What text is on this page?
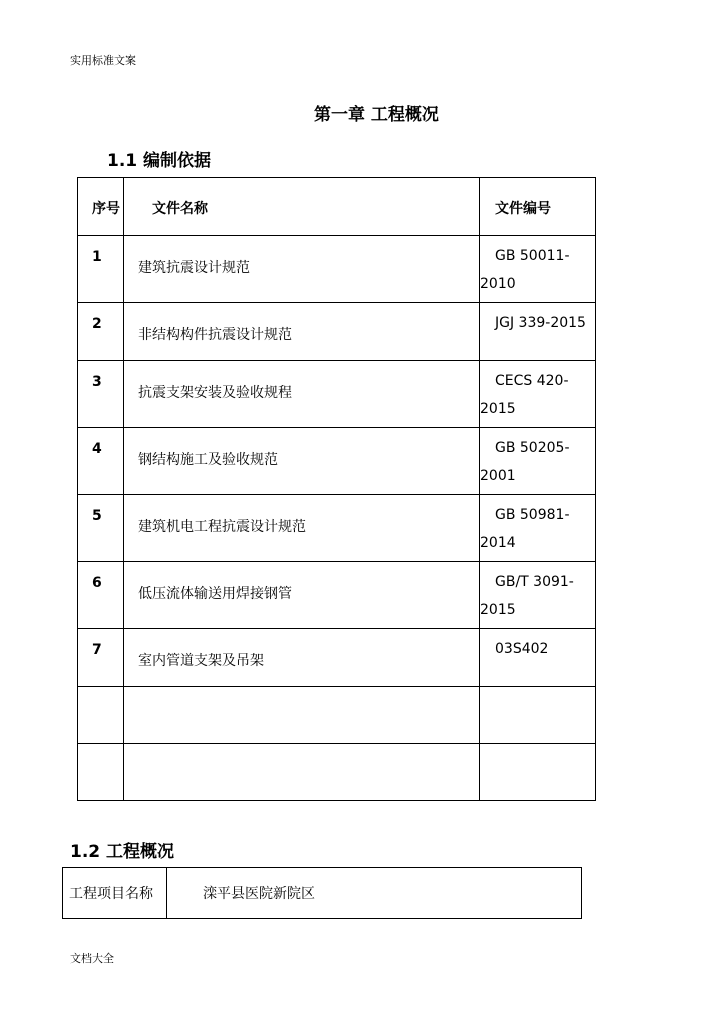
实用标准文案
第一章 工程概况
1.1 编制依据
序号	文件名称	文件编号

1	建筑抗震设计规范	GB 50011-
2010

2	非结构构件抗震设计规范	JGJ 339-2015

3	抗震支架安装及验收规程	CECS 420-
2015

4	钢结构施工及验收规范	GB 50205-
2001

5	建筑机电工程抗震设计规范	GB 50981-
2014

6	低压流体输送用焊接钢管	GB/T 3091-
2015

7	室内管道支架及吊架	03S402

1.2 工程概况
工程项目名称	滦平县医院新院区
文档大全
